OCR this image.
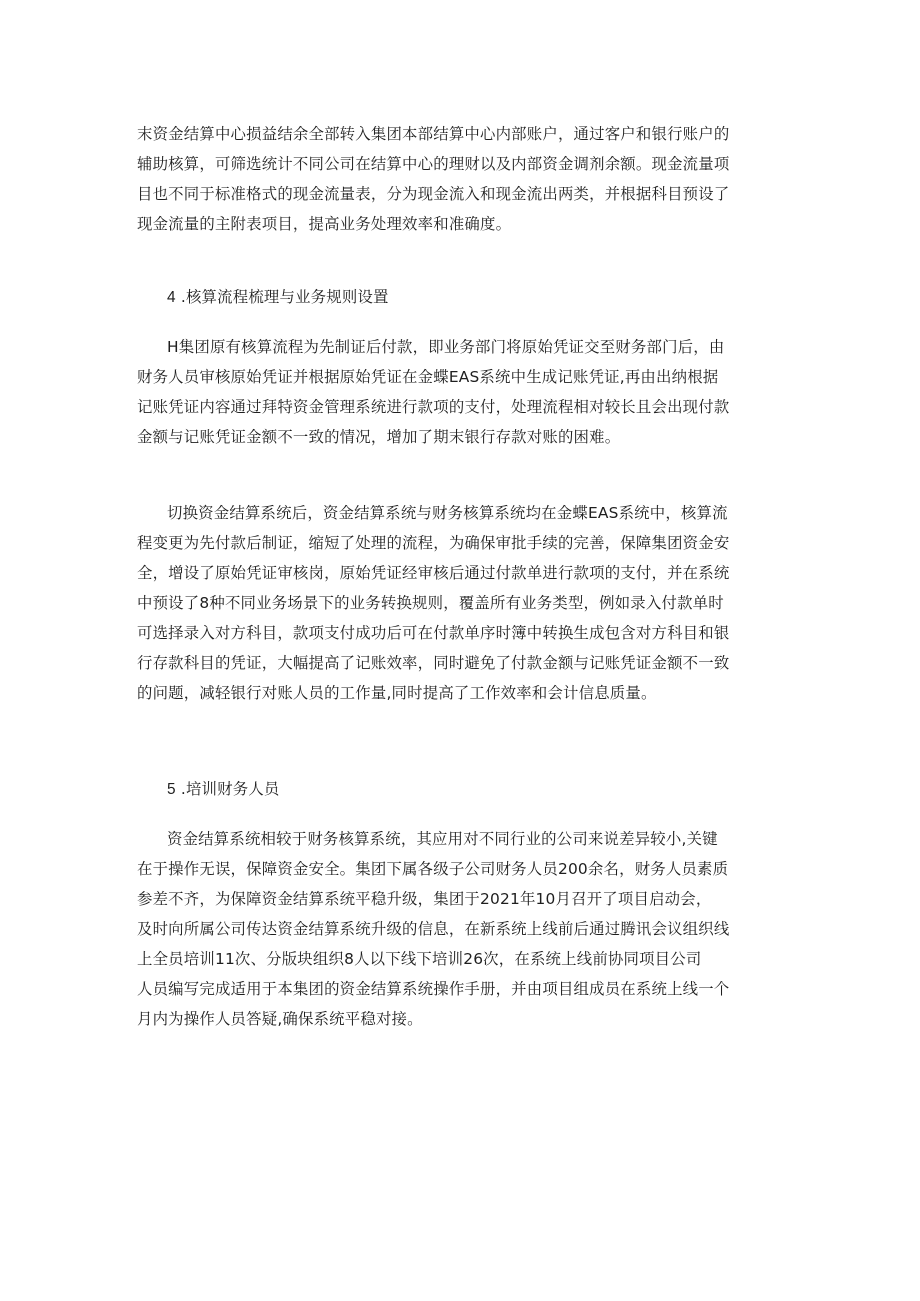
末资金结算中心损益结余全部转入集团本部结算中心内部账户，通过客户和银行账户的
辅助核算，可筛选统计不同公司在结算中心的理财以及内部资金调剂余额。现金流量项
目也不同于标准格式的现金流量表，分为现金流入和现金流出两类，并根据科目预设了
现金流量的主附表项目，提高业务处理效率和准确度。
4 .核算流程梳理与业务规则设置
H集团原有核算流程为先制证后付款，即业务部门将原始凭证交至财务部门后，由
财务人员审核原始凭证并根据原始凭证在金蝶EAS系统中生成记账凭证,再由出纳根据
记账凭证内容通过拜特资金管理系统进行款项的支付，处理流程相对较长且会出现付款
金额与记账凭证金额不一致的情况，增加了期末银行存款对账的困难。
切换资金结算系统后，资金结算系统与财务核算系统均在金蝶EAS系统中，核算流
程变更为先付款后制证，缩短了处理的流程，为确保审批手续的完善，保障集团资金安
全，增设了原始凭证审核岗，原始凭证经审核后通过付款单进行款项的支付，并在系统
中预设了8种不同业务场景下的业务转换规则，覆盖所有业务类型，例如录入付款单时
可选择录入对方科目，款项支付成功后可在付款单序时簿中转换生成包含对方科目和银
行存款科目的凭证，大幅提高了记账效率，同时避免了付款金额与记账凭证金额不一致
的问题，减轻银行对账人员的工作量,同时提高了工作效率和会计信息质量。
5 .培训财务人员
资金结算系统相较于财务核算系统，其应用对不同行业的公司来说差异较小,关键
在于操作无误，保障资金安全。集团下属各级子公司财务人员200余名，财务人员素质
参差不齐，为保障资金结算系统平稳升级，集团于2021年10月召开了项目启动会，
及时向所属公司传达资金结算系统升级的信息，在新系统上线前后通过腾讯会议组织线
上全员培训11次、分版块组织8人以下线下培训26次，在系统上线前协同项目公司
人员编写完成适用于本集团的资金结算系统操作手册，并由项目组成员在系统上线一个
月内为操作人员答疑,确保系统平稳对接。
